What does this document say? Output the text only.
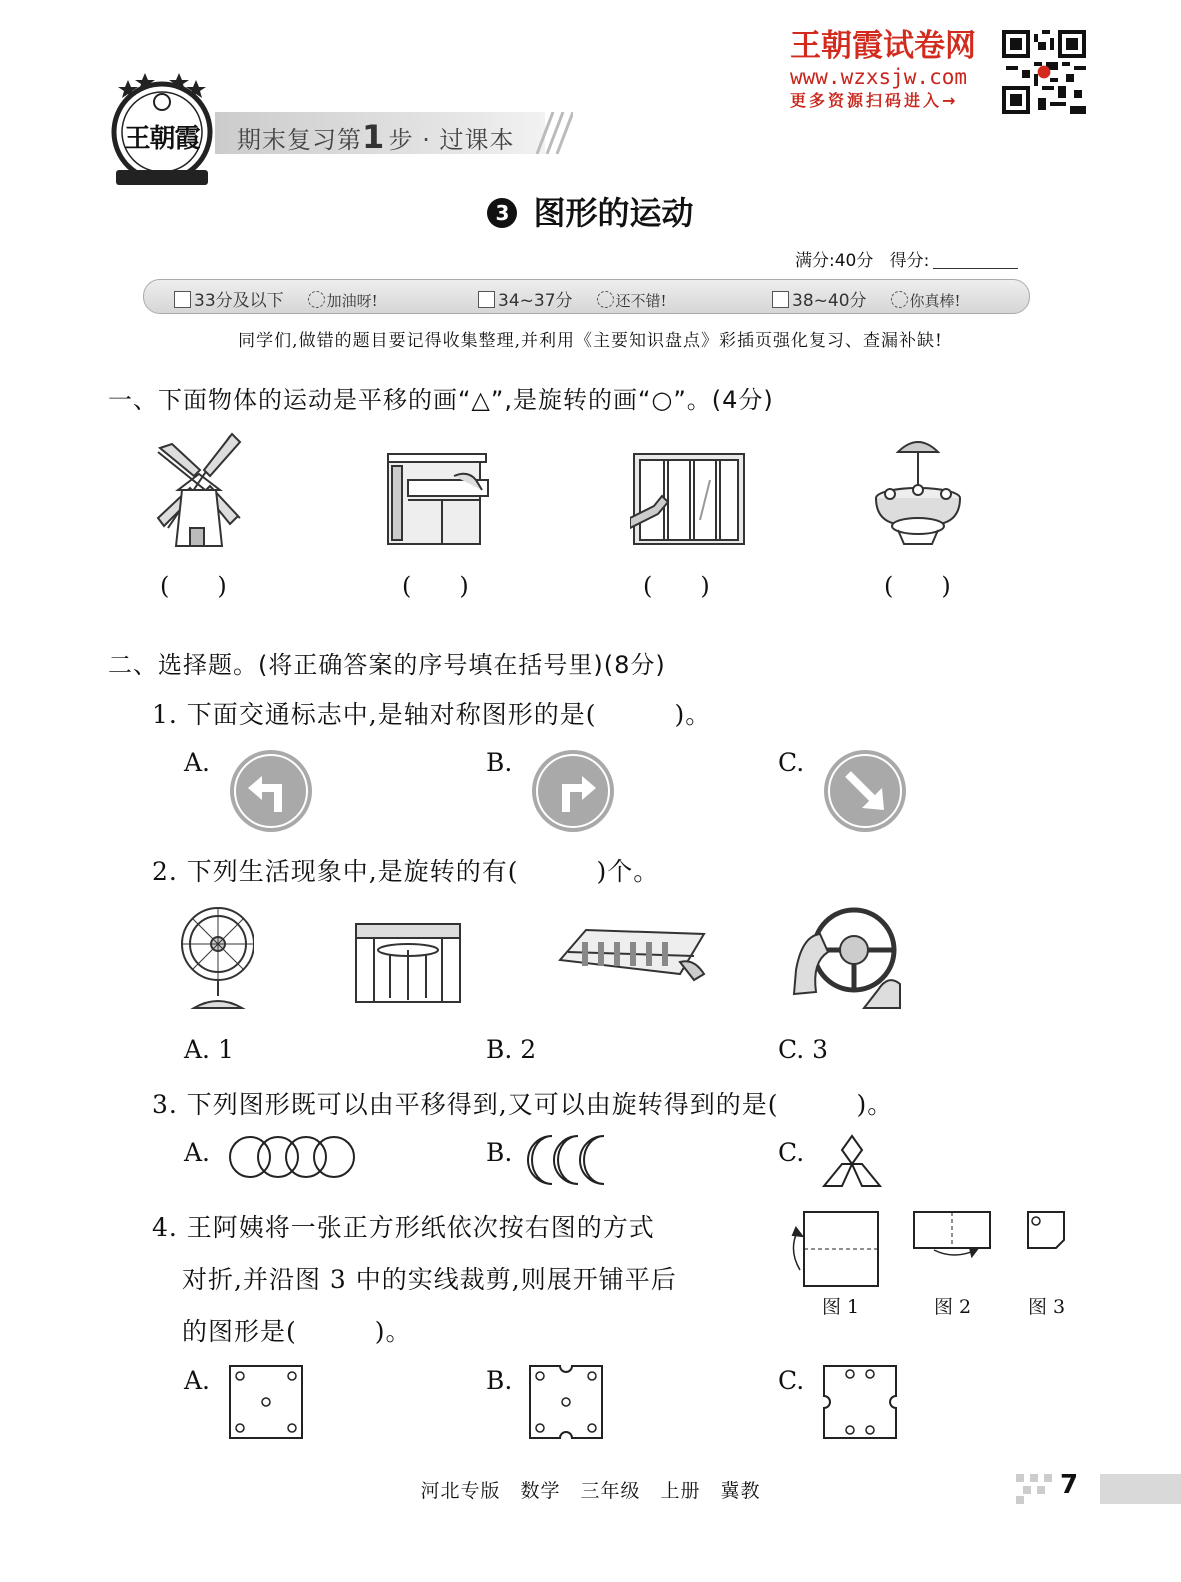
王朝霞 期末复习第1  步 · 过课本
王朝霞试卷网
www.wzxsjw.com
更多资源扫码进入→
3 图形的运动
满分:40分 得分:
33分及以下	加油呀!	34~37分	还不错!	38~40分	你真棒!
同学们,做错的题目要记得收集整理,并利用《主要知识盘点》彩插页强化复习、查漏补缺!
一、下面物体的运动是平移的画“△”,是旋转的画“○”。(4分)
(　　)	(　　)	(　　)	(　　)
二、选择题。(将正确答案的序号填在括号里)(8分)
1. 下面交通标志中,是轴对称图形的是(　　　)。
A.	B.	C.
2. 下列生活现象中,是旋转的有(　　　)个。
A. 1	B. 2	C. 3
3. 下列图形既可以由平移得到,又可以由旋转得到的是(　　　)。
A.	B.	C.
4. 王阿姨将一张正方形纸依次按右图的方式
对折,并沿图 3 中的实线裁剪,则展开铺平后
的图形是(　　　)。
图 1	图 2	图 3
A.	B.	C.
河北专版　数学　三年级　上册　冀教	7
